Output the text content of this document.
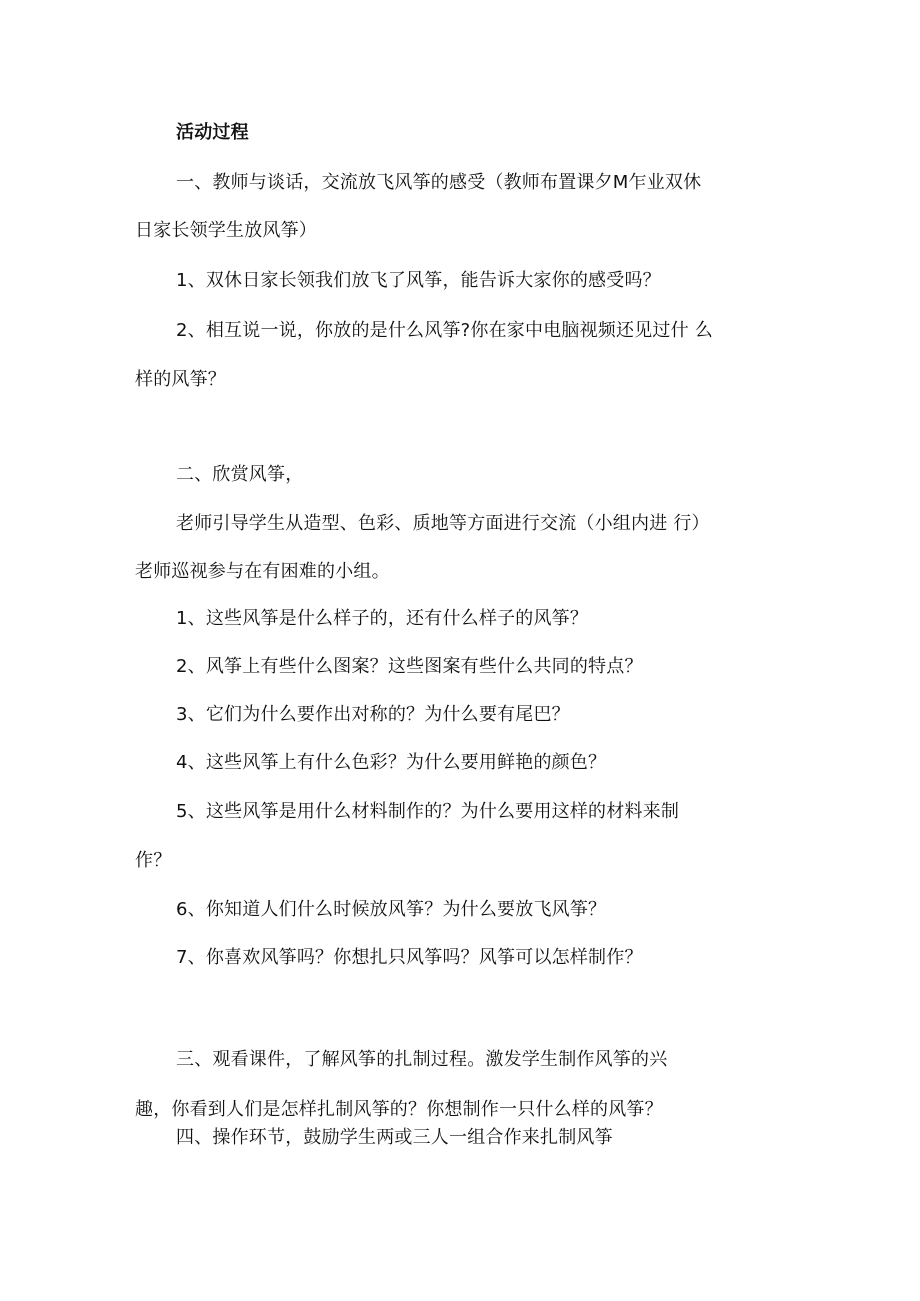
活动过程
一、教师与谈话，交流放飞风筝的感受（教师布置课夕M乍业双休
日家长领学生放风筝）
1、双休日家长领我们放飞了风筝，能告诉大家你的感受吗？
2、相互说一说，你放的是什么风筝?你在家中电脑视频还见过什 么
样的风筝？
二、欣赏风筝，
老师引导学生从造型、色彩、质地等方面进行交流（小组内进 行）
老师巡视参与在有困难的小组。
1、这些风筝是什么样子的，还有什么样子的风筝？
2、风筝上有些什么图案？这些图案有些什么共同的特点？
3、它们为什么要作出对称的？为什么要有尾巴？
4、这些风筝上有什么色彩？为什么要用鲜艳的颜色？
5、这些风筝是用什么材料制作的？为什么要用这样的材料来制
作？
6、你知道人们什么时候放风筝？为什么要放飞风筝？
7、你喜欢风筝吗？你想扎只风筝吗？风筝可以怎样制作？
三、观看课件，了解风筝的扎制过程。激发学生制作风筝的兴
趣，你看到人们是怎样扎制风筝的？你想制作一只什么样的风筝？
四、操作环节，鼓励学生两或三人一组合作来扎制风筝
